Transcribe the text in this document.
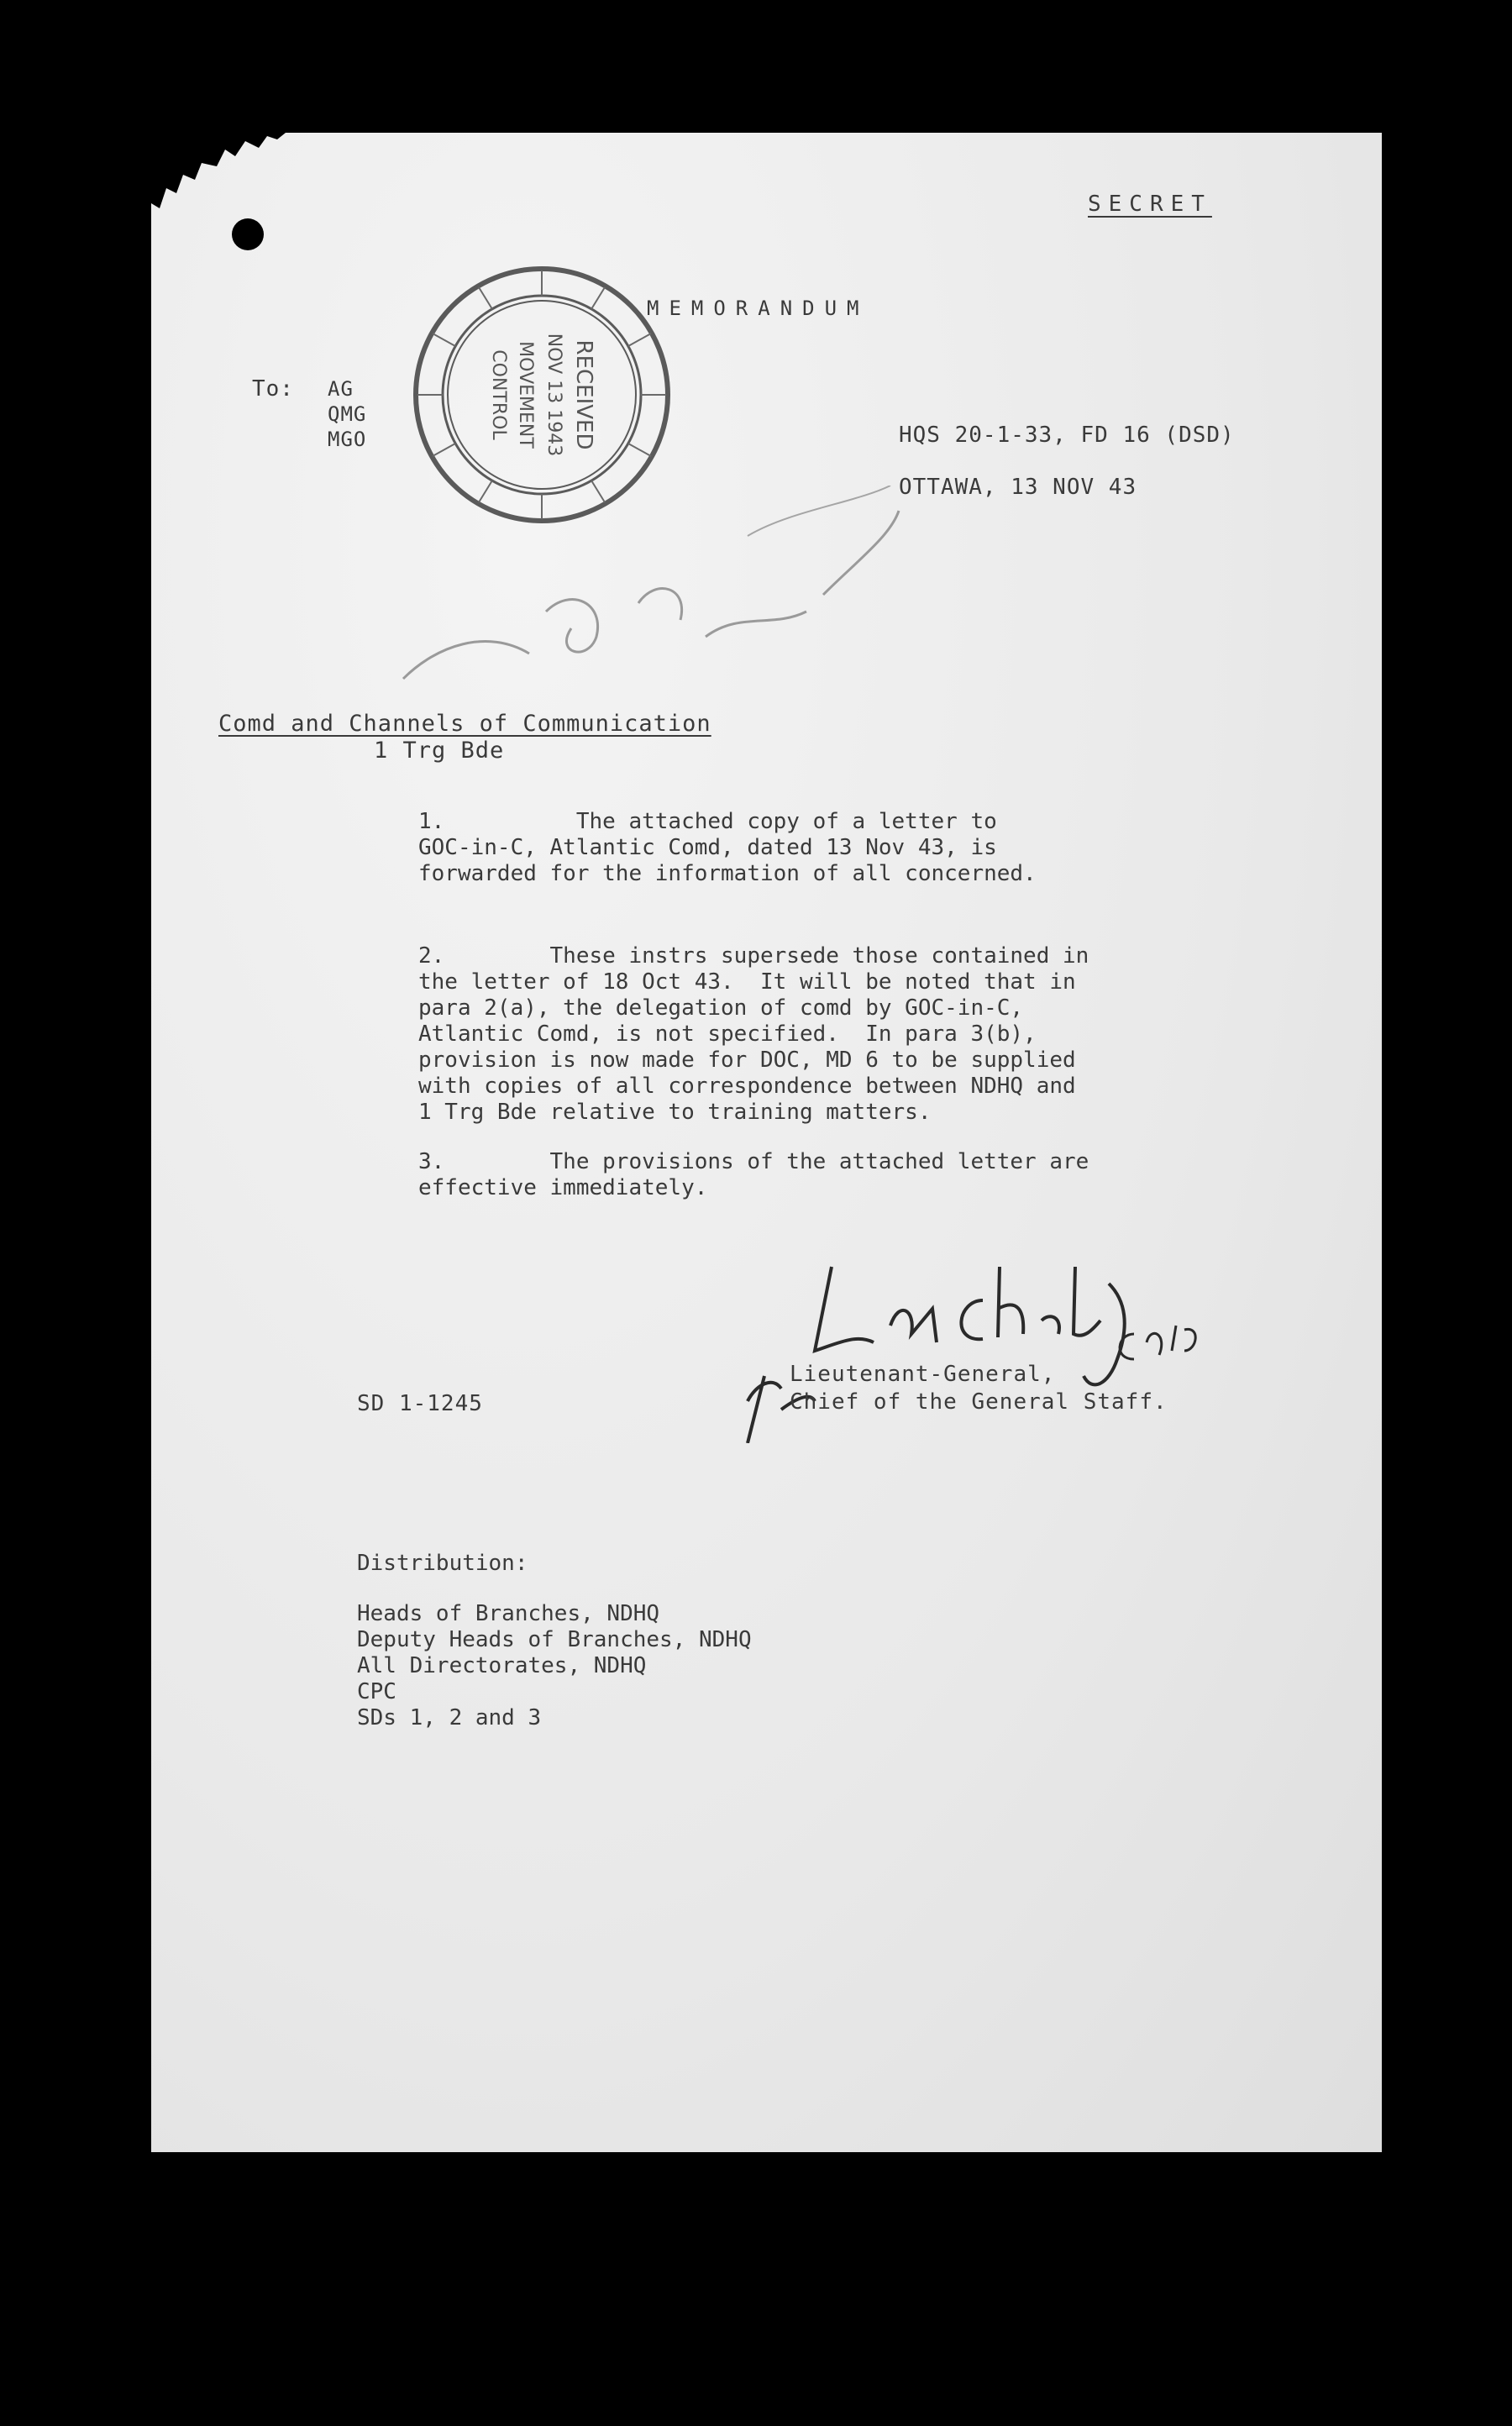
SECRET
RECEIVED
NOV 13 1943
MOVEMENT
CONTROL
MEMORANDUM
To: AG
QMG
MGO	HQS 20-1-33, FD 16 (DSD)
OTTAWA, 13 NOV 43
Comd and Channels of Communication
1 Trg Bde
1.          The attached copy of a letter to
GOC-in-C, Atlantic Comd, dated 13 Nov 43, is
forwarded for the information of all concerned.
2.        These instrs supersede those contained in
the letter of 18 Oct 43.  It will be noted that in
para 2(a), the delegation of comd by GOC-in-C,
Atlantic Comd, is not specified.  In para 3(b),
provision is now made for DOC, MD 6 to be supplied
with copies of all correspondence between NDHQ and
1 Trg Bde relative to training matters.
3.        The provisions of the attached letter are
effective immediately.
SD 1-1245
Lieutenant-General,
Chief of the General Staff.
Distribution:
Heads of Branches, NDHQ
Deputy Heads of Branches, NDHQ
All Directorates, NDHQ
CPC
SDs 1, 2 and 3
